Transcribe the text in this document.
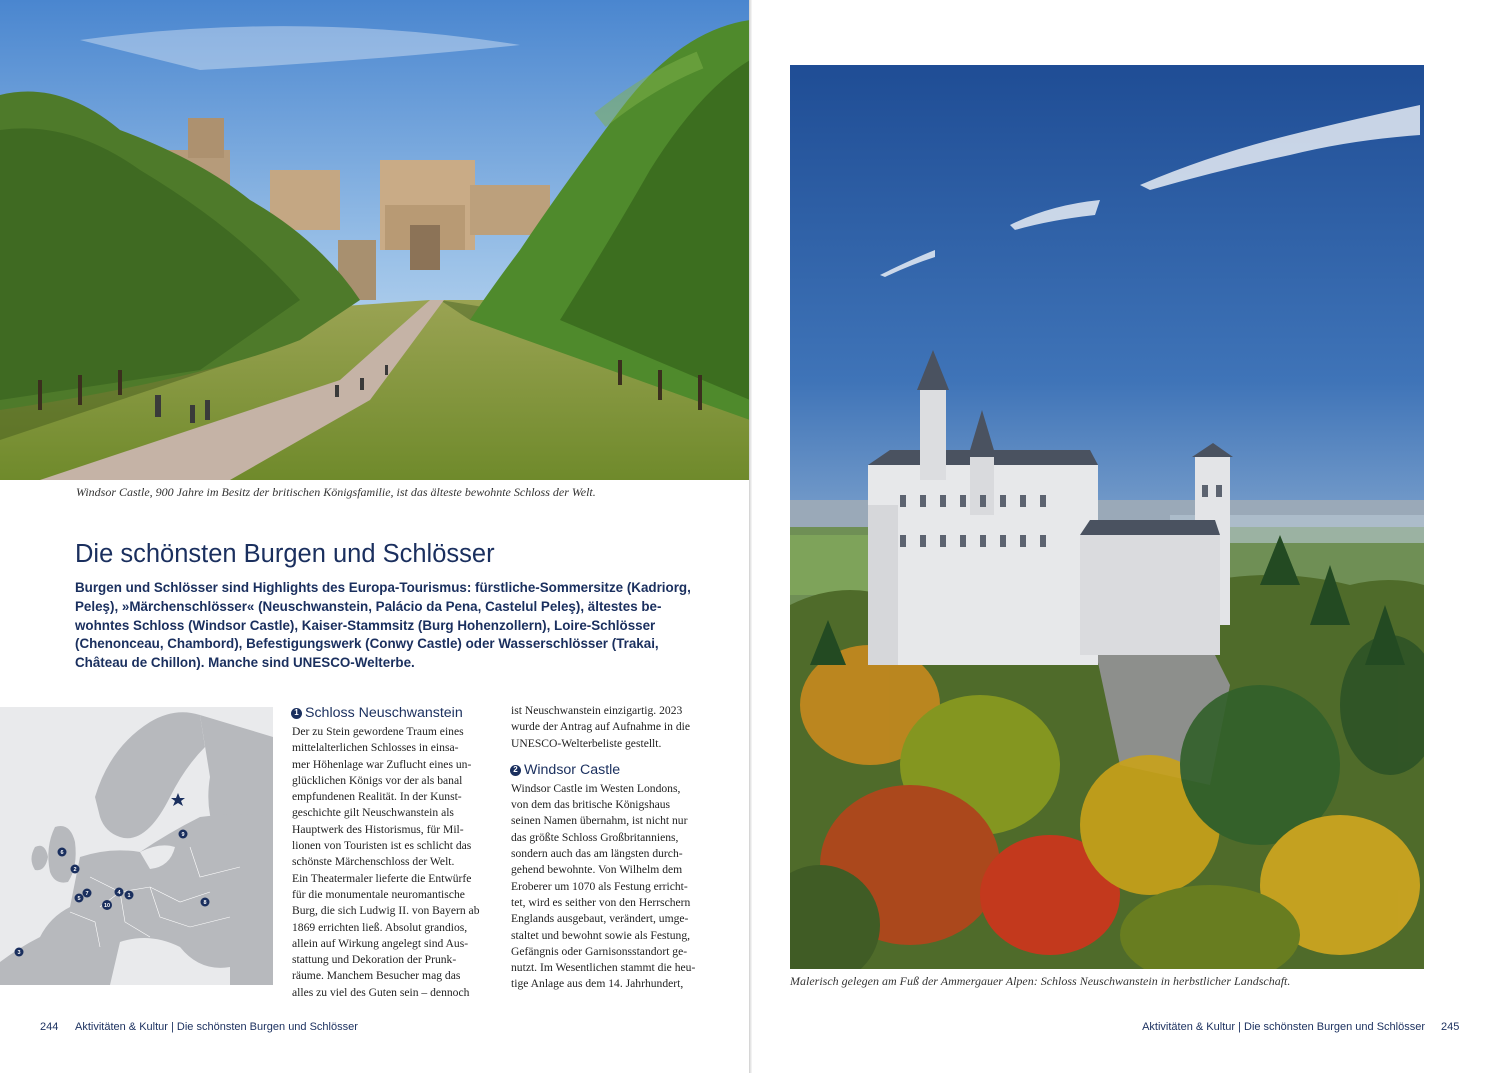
Windsor Castle, 900 Jahre im Besitz der britischen Königsfamilie, ist das älteste bewohnte Schloss der Welt.
Die schönsten Burgen und Schlösser
Burgen und Schlösser sind Highlights des Europa-Tourismus: fürstliche-Sommersitze (Kadriorg,
Peleş), »Märchenschlösser« (Neuschwanstein, Palácio da Pena, Castelul Peleş), ältestes be-
wohntes Schloss (Windsor Castle), Kaiser-Stammsitz (Burg Hohenzollern), Loire-Schlösser
(Chenonceau, Chambord), Befestigungswerk (Conwy Castle) oder Wasserschlösser (Trakai,
Château de Chillon). Manche sind UNESCO-Welterbe.
1
2
3
4
5
6
7
8
9
10
1 Schloss Neuschwanstein
Der zu Stein gewordene Traum eines
mittelalterlichen Schlosses in einsa-
mer Höhenlage war Zuflucht eines un-
glücklichen Königs vor der als banal
empfundenen Realität. In der Kunst-
geschichte gilt Neuschwanstein als
Hauptwerk des Historismus, für Mil-
lionen von Touristen ist es schlicht das
schönste Märchenschloss der Welt.
Ein Theatermaler lieferte die Entwürfe
für die monumentale neuromantische
Burg, die sich Ludwig II. von Bayern ab
1869 errichten ließ. Absolut grandios,
allein auf Wirkung angelegt sind Aus-
stattung und Dekoration der Prunk-
räume. Manchem Besucher mag das
alles zu viel des Guten sein – dennoch
ist Neuschwanstein einzigartig. 2023
wurde der Antrag auf Aufnahme in die
UNESCO-Welterbeliste gestellt.
2 Windsor Castle
Windsor Castle im Westen Londons,
von dem das britische Königshaus
seinen Namen übernahm, ist nicht nur
das größte Schloss Großbritanniens,
sondern auch das am längsten durch-
gehend bewohnte. Von Wilhelm dem
Eroberer um 1070 als Festung erricht-
tet, wird es seither von den Herrschern
Englands ausgebaut, verändert, umge-
staltet und bewohnt sowie als Festung,
Gefängnis oder Garnisonsstandort ge-
nutzt. Im Wesentlichen stammt die heu-
tige Anlage aus dem 14. Jahrhundert,
244 Aktivitäten & Kultur | Die schönsten Burgen und Schlösser
Malerisch gelegen am Fuß der Ammergauer Alpen: Schloss Neuschwanstein in herbstlicher Landschaft.
Aktivitäten & Kultur | Die schönsten Burgen und Schlösser 245
